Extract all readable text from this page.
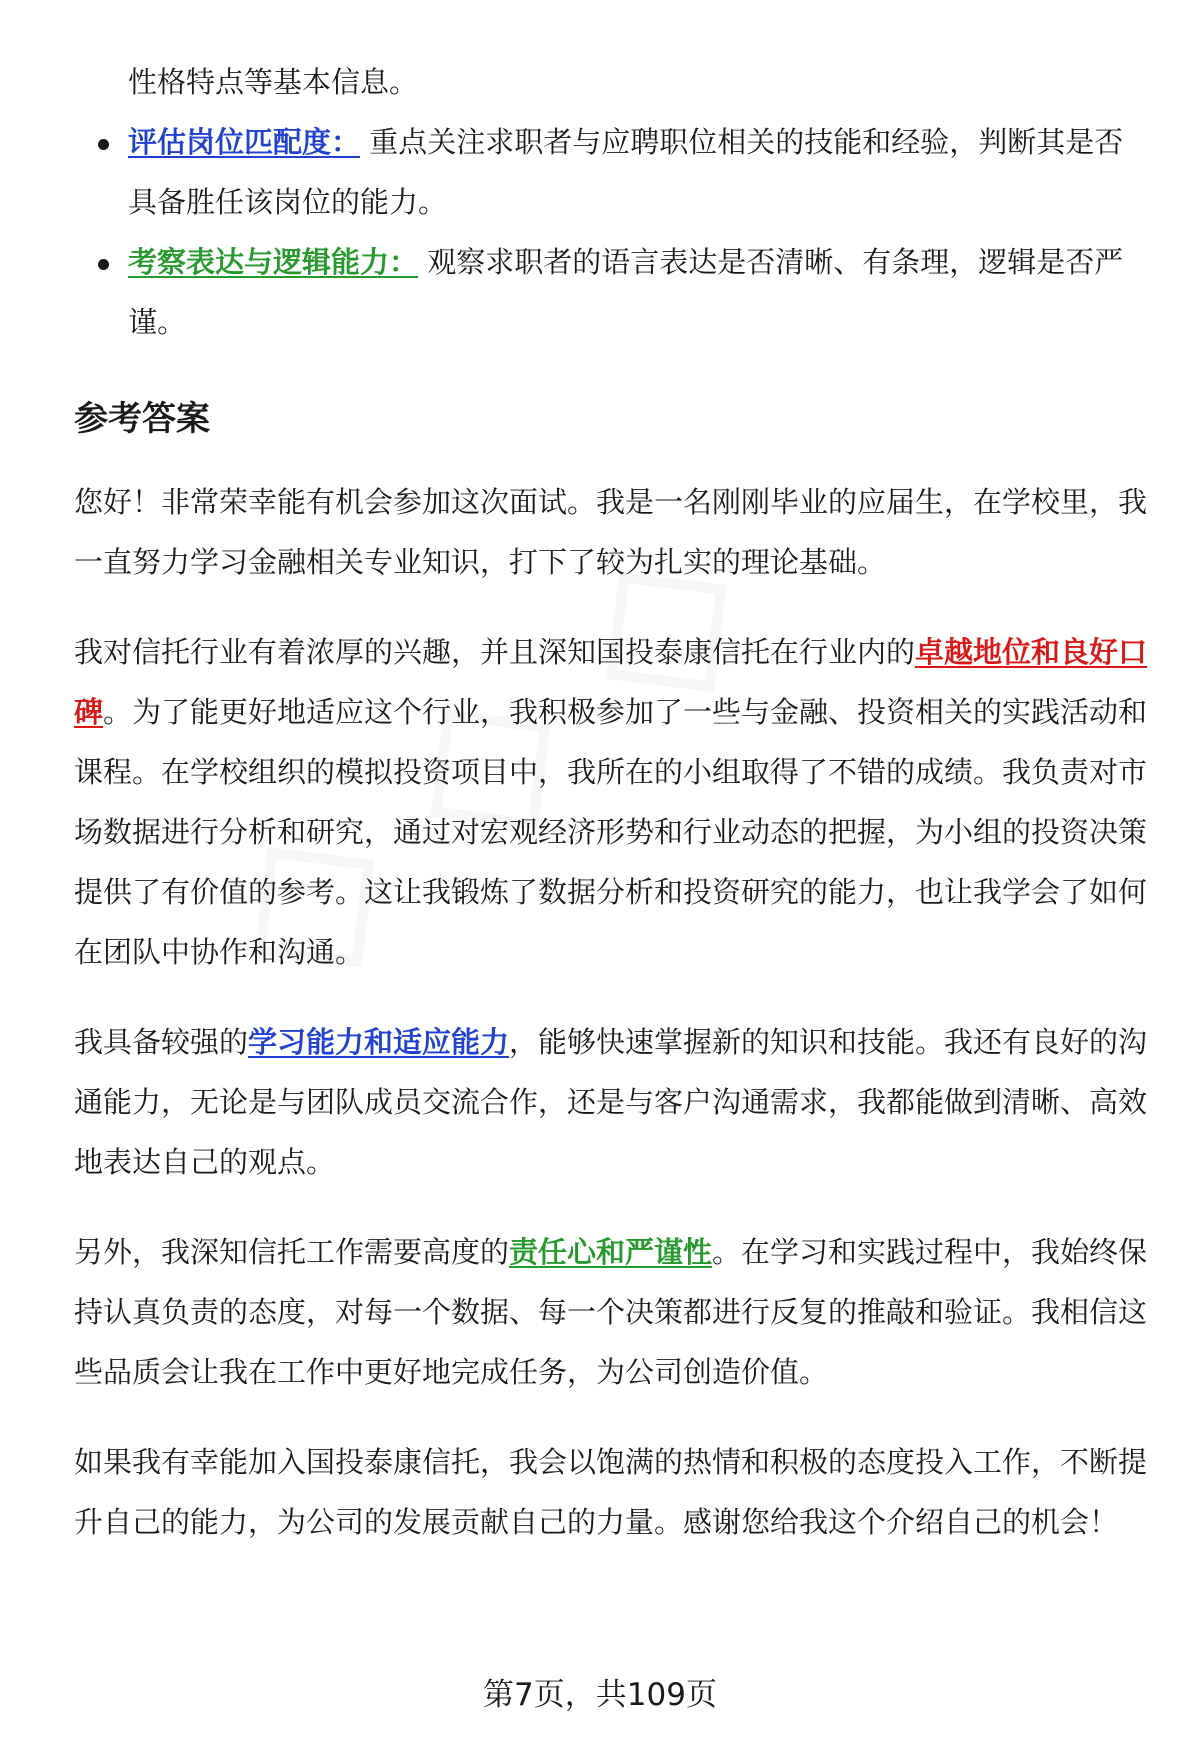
性格特点等基本信息。
评估岗位匹配度： 重点关注求职者与应聘职位相关的技能和经验，判断其是否具备胜任该岗位的能力。
考察表达与逻辑能力： 观察求职者的语言表达是否清晰、有条理，逻辑是否严谨。
参考答案

您好！非常荣幸能有机会参加这次面试。我是一名刚刚毕业的应届生，在学校里，我一直努力学习金融相关专业知识，打下了较为扎实的理论基础。

我对信托行业有着浓厚的兴趣，并且深知国投泰康信托在行业内的卓越地位和良好口碑。为了能更好地适应这个行业，我积极参加了一些与金融、投资相关的实践活动和课程。在学校组织的模拟投资项目中，我所在的小组取得了不错的成绩。我负责对市场数据进行分析和研究，通过对宏观经济形势和行业动态的把握，为小组的投资决策提供了有价值的参考。这让我锻炼了数据分析和投资研究的能力，也让我学会了如何在团队中协作和沟通。

我具备较强的学习能力和适应能力，能够快速掌握新的知识和技能。我还有良好的沟通能力，无论是与团队成员交流合作，还是与客户沟通需求，我都能做到清晰、高效地表达自己的观点。

另外，我深知信托工作需要高度的责任心和严谨性。在学习和实践过程中，我始终保持认真负责的态度，对每一个数据、每一个决策都进行反复的推敲和验证。我相信这些品质会让我在工作中更好地完成任务，为公司创造价值。

如果我有幸能加入国投泰康信托，我会以饱满的热情和积极的态度投入工作，不断提升自己的能力，为公司的发展贡献自己的力量。感谢您给我这个介绍自己的机会！

第7页，共109页
